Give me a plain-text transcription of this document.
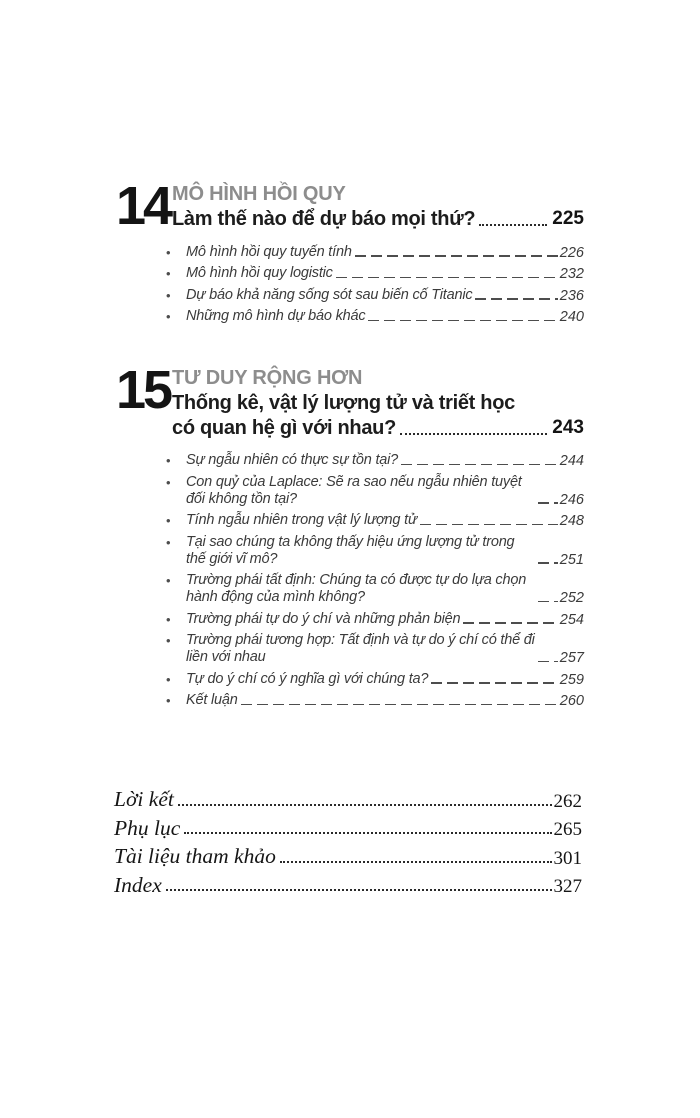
14 MÔ HÌNH HỒI QUY
Làm thế nào để dự báo mọi thứ?	225
•	Mô hình hồi quy tuyến tính	226
•	Mô hình hồi quy logistic	232
•	Dự báo khả năng sống sót sau biến cố Titanic	236
•	Những mô hình dự báo khác	240
15 TƯ DUY RỘNG HƠN
Thống kê, vật lý lượng tử và triết học
có quan hệ gì với nhau?	243
•	Sự ngẫu nhiên có thực sự tồn tại?	244
•	Con quỷ của Laplace: Sẽ ra sao nếu ngẫu nhiên tuyệt đối không tồn tại?	246
•	Tính ngẫu nhiên trong vật lý lượng tử	248
•	Tại sao chúng ta không thấy hiệu ứng lượng tử trong thế giới vĩ mô?	251
•	Trường phái tất định: Chúng ta có được tự do lựa chọn hành động của mình không?	252
•	Trường phái tự do ý chí và những phản biện	254
•	Trường phái tương hợp: Tất định và tự do ý chí có thể đi liền với nhau	257
•	Tự do ý chí có ý nghĩa gì với chúng ta?	259
•	Kết luận	260
Lời kết	262
Phụ lục	265
Tài liệu tham khảo	301
Index	327
